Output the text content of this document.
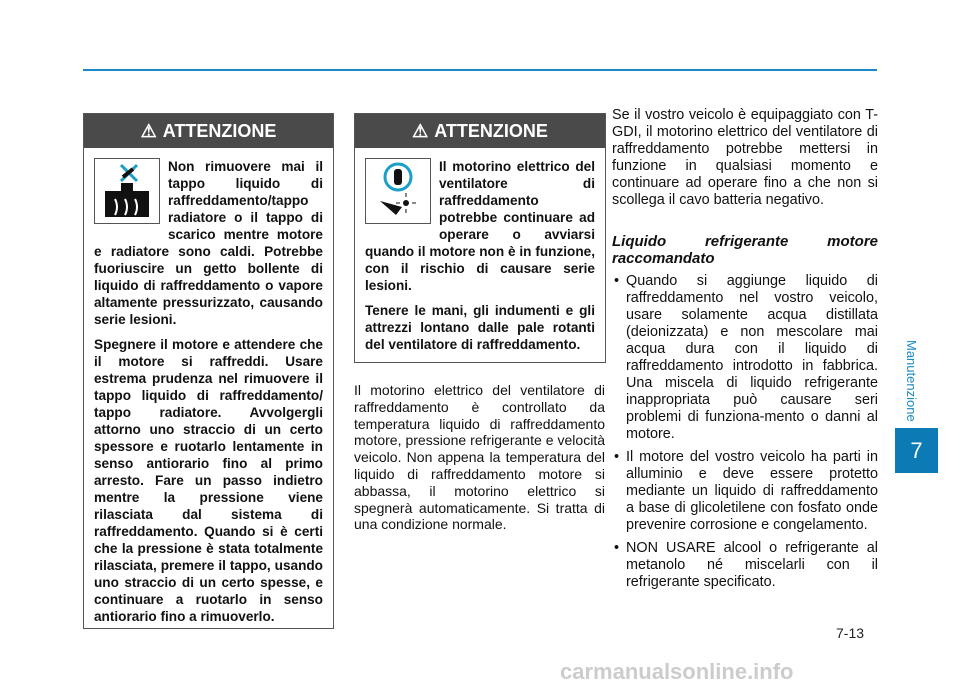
⚠ ATTENZIONE

Non rimuovere mai il tappo liquido di raffreddamento/tappo radiatore o il tappo di scarico mentre motore e radiatore sono caldi. Potrebbe fuoriuscire un getto bollente di liquido di raffreddamento o vapore altamente pressurizzato, causando serie lesioni.

Spegnere il motore e attendere che il motore si raffreddi. Usare estrema prudenza nel rimuovere il tappo liquido di raffreddamento/ tappo radiatore. Avvolgergli attorno uno straccio di un certo spessore e ruotarlo lentamente in senso antiorario fino al primo arresto. Fare un passo indietro mentre la pressione viene rilasciata dal sistema di raffreddamento. Quando si è certi che la pressione è stata totalmente rilasciata, premere il tappo, usando uno straccio di un certo spesse, e continuare a ruotarlo in senso antiorario fino a rimuoverlo.

⚠ ATTENZIONE

Il motorino elettrico del ventilatore di raffreddamento potrebbe continuare ad operare o avviarsi quando il motore non è in funzione, con il rischio di causare serie lesioni.

Tenere le mani, gli indumenti e gli attrezzi lontano dalle pale rotanti del ventilatore di raffreddamento.

Il motorino elettrico del ventilatore di raffreddamento è controllato da temperatura liquido di raffreddamento motore, pressione refrigerante e velocità veicolo. Non appena la temperatura del liquido di raffreddamento motore si abbassa, il motorino elettrico si spegnerà automaticamente. Si tratta di una condizione normale.

Se il vostro veicolo è equipaggiato con T-GDI, il motorino elettrico del ventilatore di raffreddamento potrebbe mettersi in funzione in qualsiasi momento e continuare ad operare fino a che non si scollega il cavo batteria negativo.

Liquido refrigerante motore raccomandato
• Quando si aggiunge liquido di raffreddamento nel vostro veicolo, usare solamente acqua distillata (deionizzata) e non mescolare mai acqua dura con il liquido di raffreddamento introdotto in fabbrica. Una miscela di liquido refrigerante inappropriata può causare seri problemi di funziona-mento o danni al motore.
• Il motore del vostro veicolo ha parti in alluminio e deve essere protetto mediante un liquido di raffreddamento a base di glicoletilene con fosfato onde prevenire corrosione e congelamento.
• NON USARE alcool o refrigerante al metanolo né miscelarli con il refrigerante specificato.
Manutenzione
7
7-13
carmanualsonline.info
